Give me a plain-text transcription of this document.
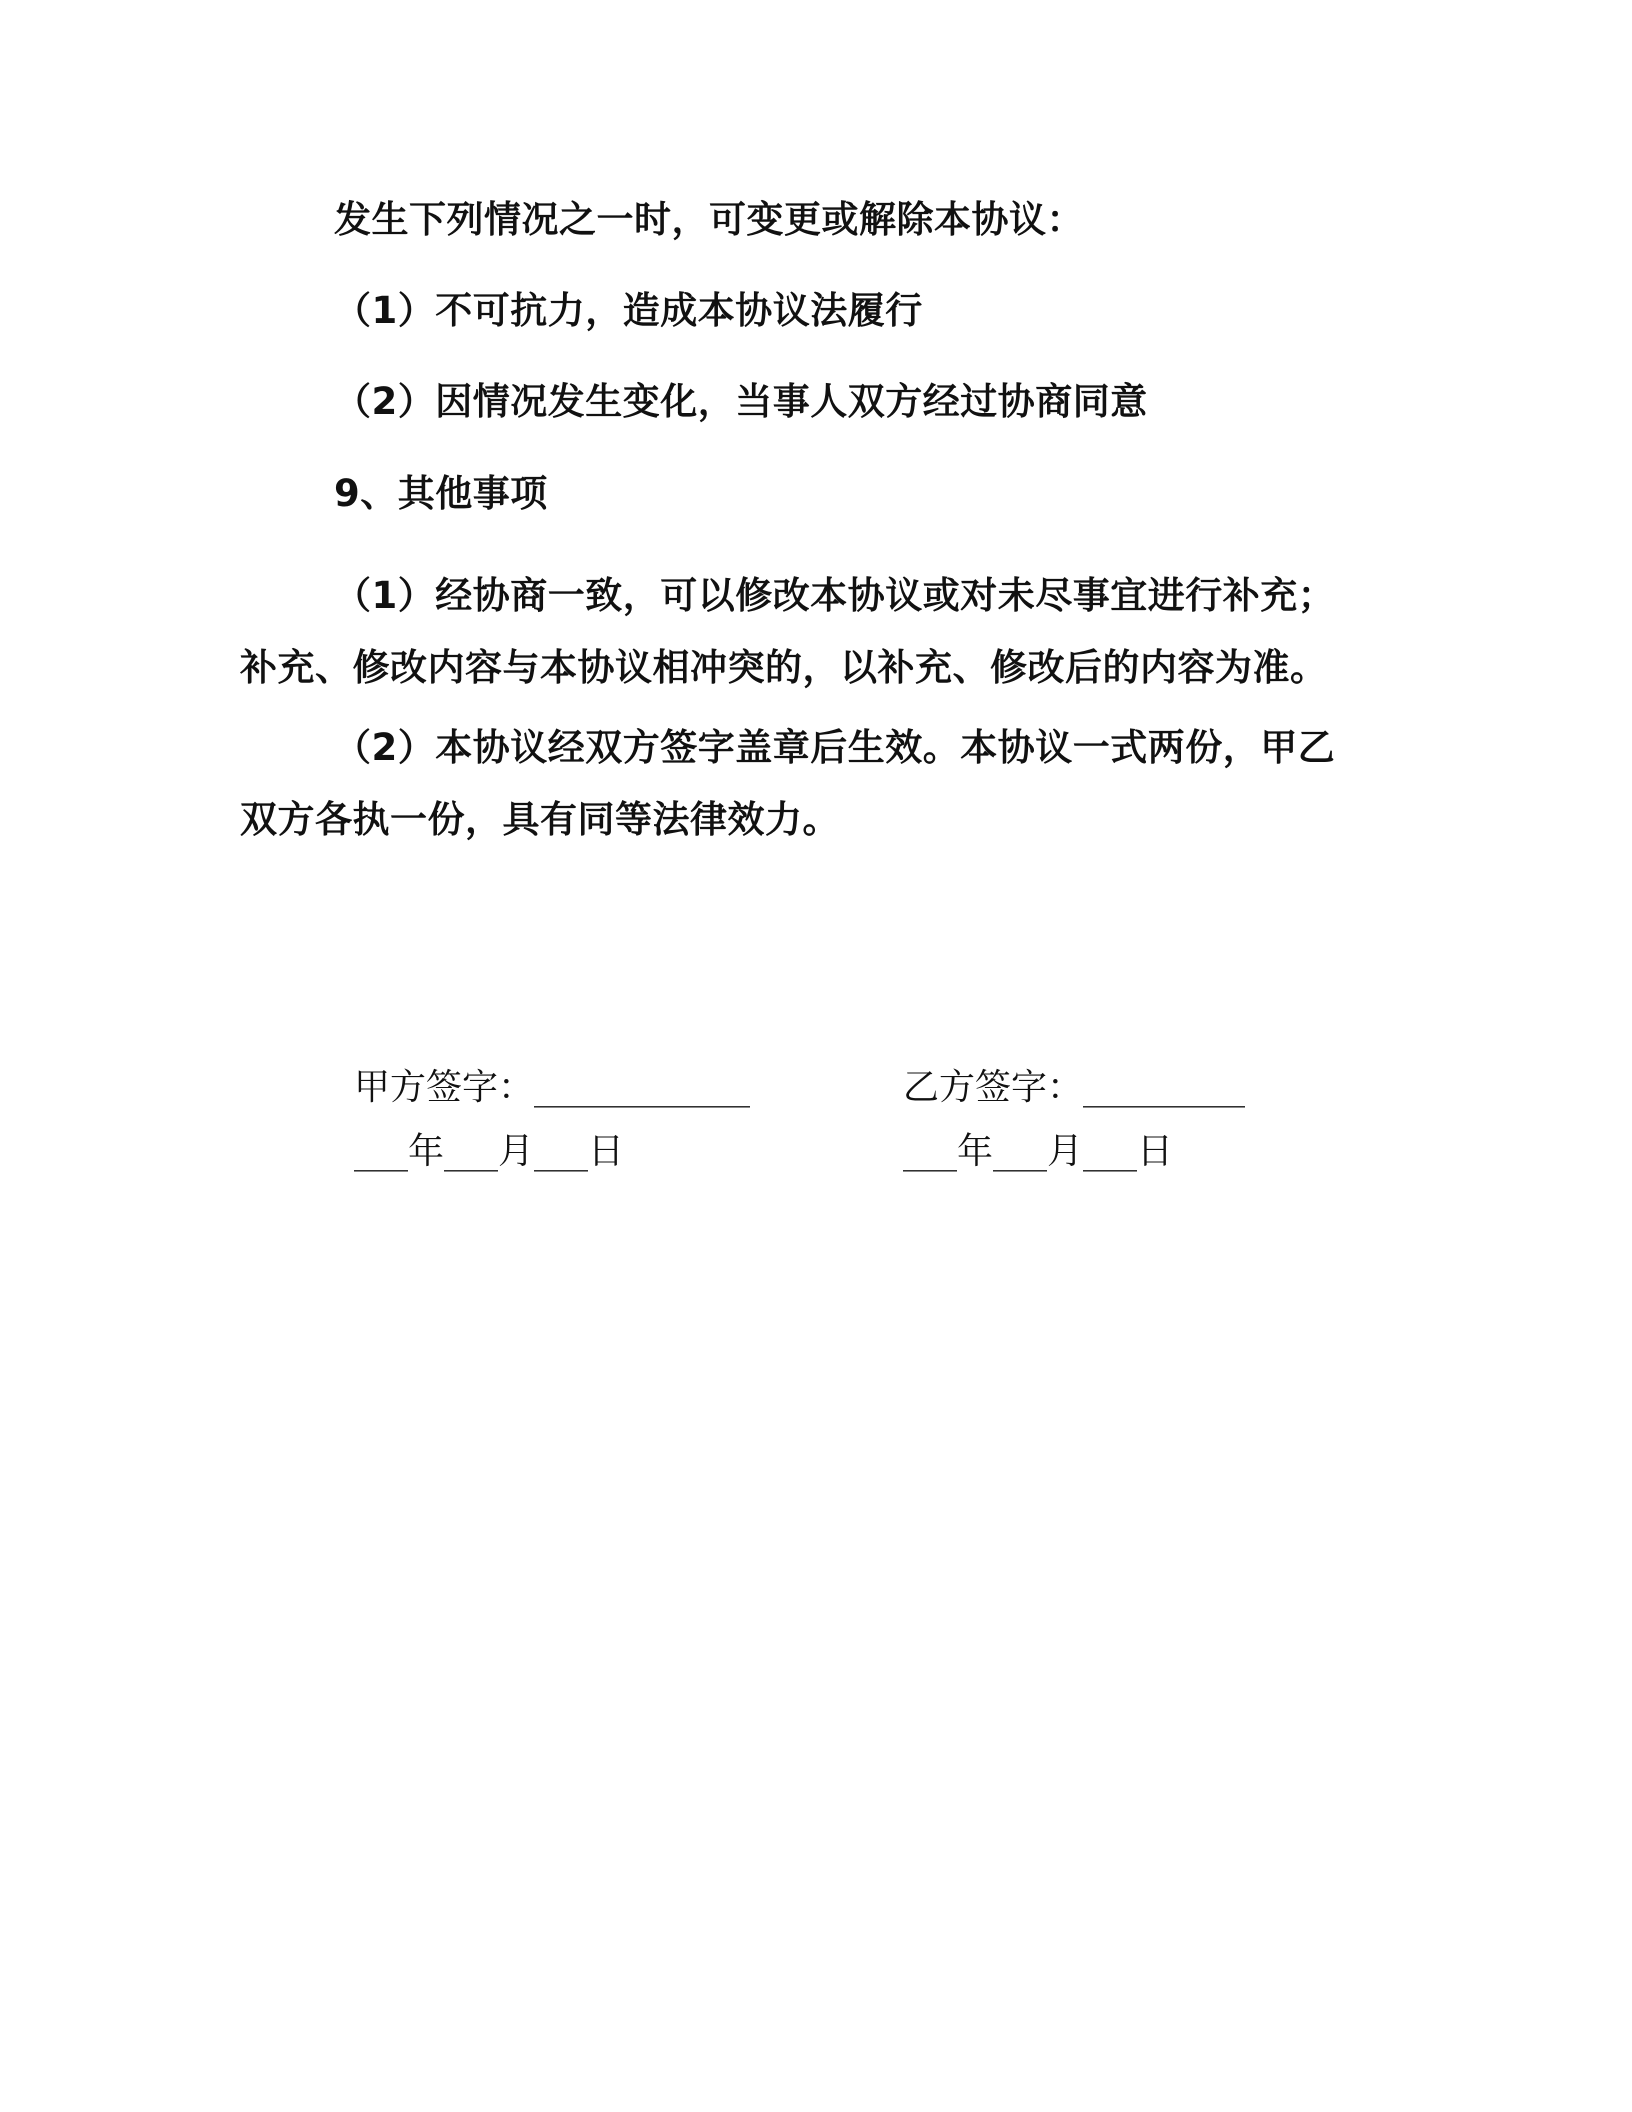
发生下列情况之一时，可变更或解除本协议：

（1）不可抗力，造成本协议法履行

（2）因情况发生变化，当事人双方经过协商同意

9、其他事项

（1）经协商一致，可以修改本协议或对未尽事宜进行补充；补充、修改内容与本协议相冲突的，以补充、修改后的内容为准。

（2）本协议经双方签字盖章后生效。本协议一式两份，甲乙双方各执一份，具有同等法律效力。

甲方签字：____________

___年___月___日

乙方签字：_________

___年___月___日
